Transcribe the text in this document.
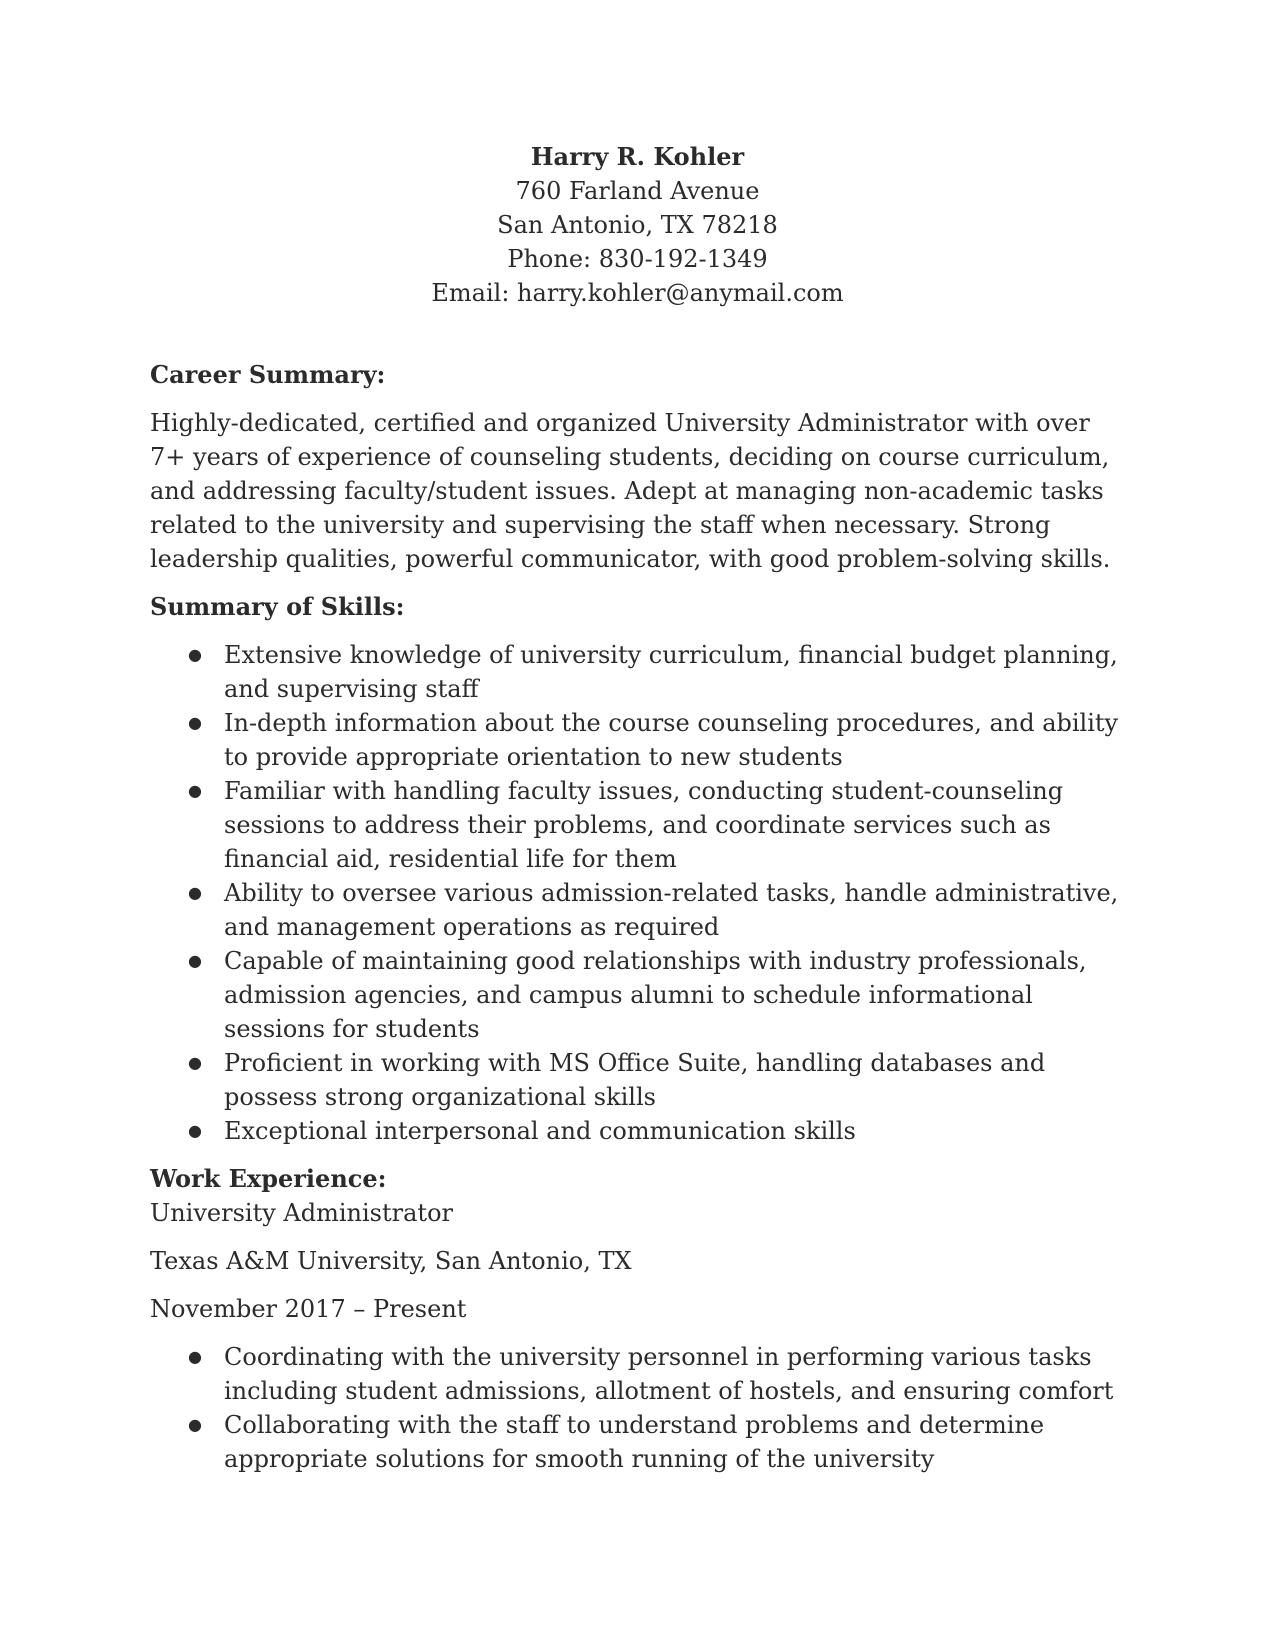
Harry R. Kohler
760 Farland Avenue
San Antonio, TX 78218
Phone: 830-192-1349
Email: harry.kohler@anymail.com
Career Summary:

Highly-dedicated, certified and organized University Administrator with over 7+ years of experience of counseling students, deciding on course curriculum, and addressing faculty/student issues. Adept at managing non-academic tasks related to the university and supervising the staff when necessary. Strong leadership qualities, powerful communicator, with good problem-solving skills.

Summary of Skills:
● Extensive knowledge of university curriculum, financial budget planning, and supervising staff
● In-depth information about the course counseling procedures, and ability to provide appropriate orientation to new students
● Familiar with handling faculty issues, conducting student-counseling sessions to address their problems, and coordinate services such as financial aid, residential life for them
● Ability to oversee various admission-related tasks, handle administrative, and management operations as required
● Capable of maintaining good relationships with industry professionals, admission agencies, and campus alumni to schedule informational sessions for students
● Proficient in working with MS Office Suite, handling databases and possess strong organizational skills
● Exceptional interpersonal and communication skills
Work Experience:

University Administrator

Texas A&M University, San Antonio, TX

November 2017 – Present

● Coordinating with the university personnel in performing various tasks including student admissions, allotment of hostels, and ensuring comfort
● Collaborating with the staff to understand problems and determine appropriate solutions for smooth running of the university
